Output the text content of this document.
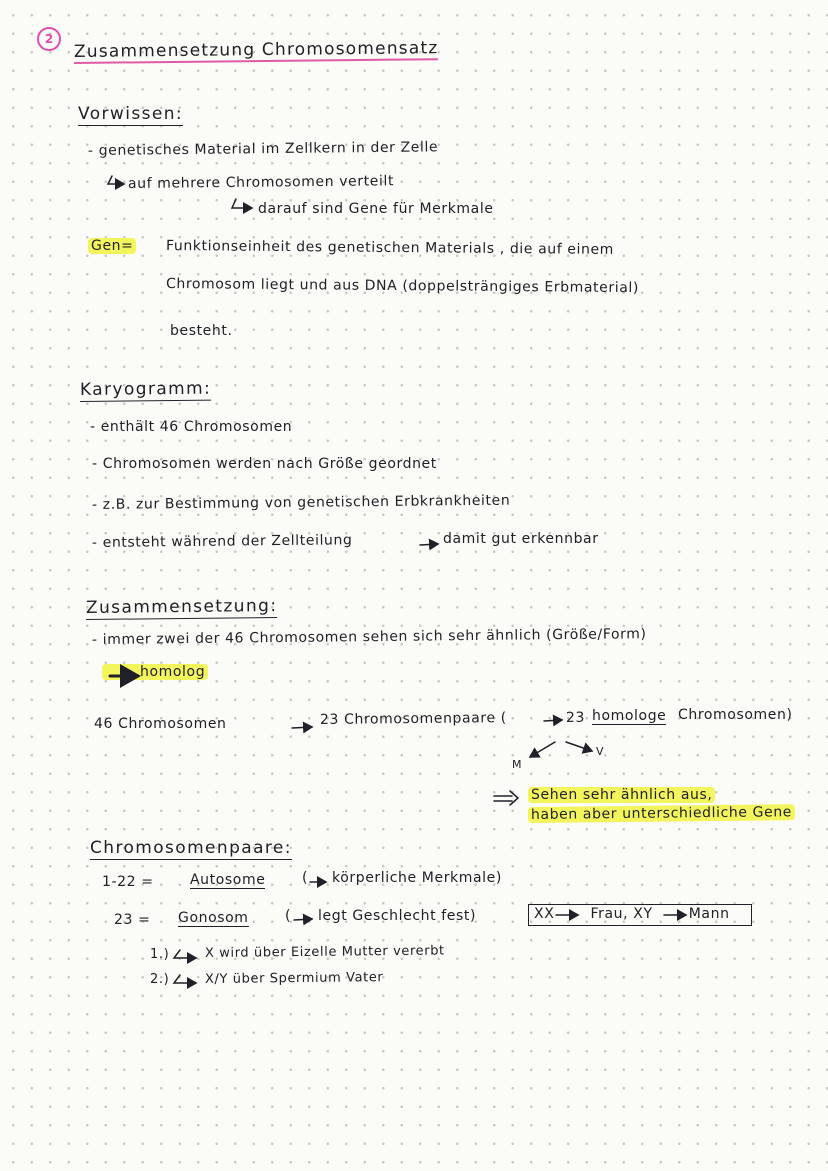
2	Zusammensetzung Chromosomensatz
Vorwissen:
- genetisches Material im Zellkern in der Zelle
auf mehrere Chromosomen verteilt
darauf sind Gene für Merkmale
Gen= Funktionseinheit des genetischen Materials , die auf einem
Chromosom liegt und aus DNA (doppelsträngiges Erbmaterial)
besteht.
Karyogramm:
- enthält 46 Chromosomen
- Chromosomen werden nach Größe geordnet
- z.B. zur Bestimmung von genetischen Erbkrankheiten
- entsteht während der Zellteilung	damit gut erkennbar
Zusammensetzung:
- immer zwei der 46 Chromosomen sehen sich sehr ähnlich (Größe/Form)
homolog
46 Chromosomen	23 Chromosomenpaare (	23 homologe Chromosomen)
M
V
Sehen sehr ähnlich aus,
haben aber unterschiedliche Gene
Chromosomenpaare:
1-22 =	Autosome	( körperliche Merkmale)
23 = Gonosom	( legt Geschlecht fest)	XX	Frau, XY	Mann
1.)	X wird über Eizelle Mutter vererbt
2.)	X/Y über Spermium Vater
